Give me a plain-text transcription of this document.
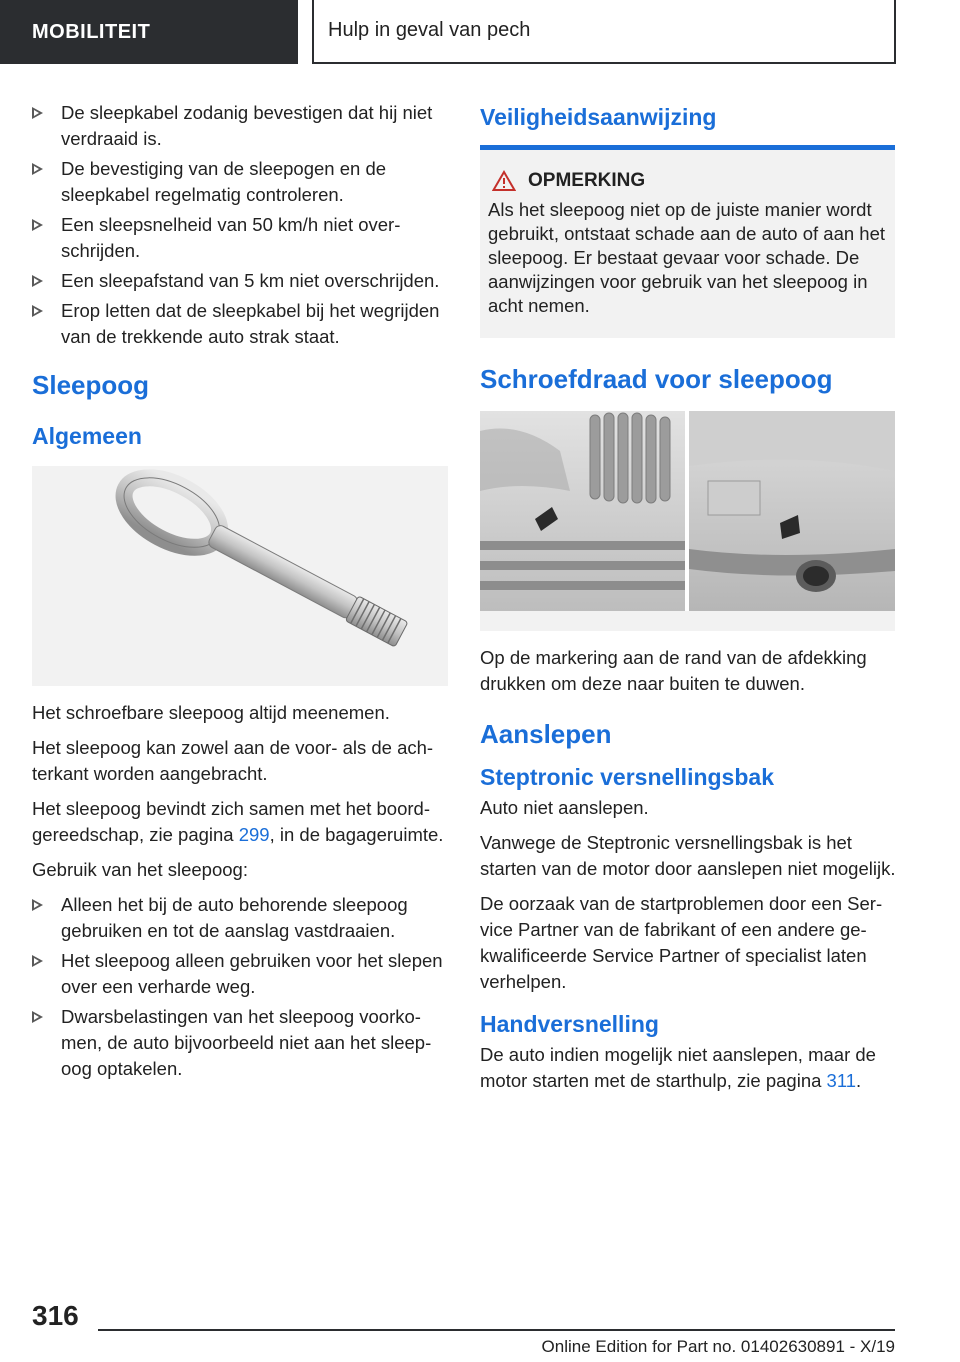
MOBILITEIT	Hulp in geval van pech
De sleepkabel zodanig bevestigen dat hij niet verdraaid is.
De bevestiging van de sleepogen en de sleepkabel regelmatig controleren.
Een sleepsnelheid van 50 km/h niet overschrijden.
Een sleepafstand van 5 km niet overschrijden.
Erop letten dat de sleepkabel bij het wegrijden van de trekkende auto strak staat.
Sleepoog
Algemeen
Het schroefbare sleepoog altijd meenemen.
Het sleepoog kan zowel aan de voor- als de achterkant worden aangebracht.
Het sleepoog bevindt zich samen met het boordgereedschap, zie pagina 299, in de bagageruimte.
Gebruik van het sleepoog:
Alleen het bij de auto behorende sleepoog gebruiken en tot de aanslag vastdraaien.
Het sleepoog alleen gebruiken voor het slepen over een verharde weg.
Dwarsbelastingen van het sleepoog voorkomen, de auto bijvoorbeeld niet aan het sleepoog optakelen.
Veiligheidsaanwijzing
OPMERKING
Als het sleepoog niet op de juiste manier wordt gebruikt, ontstaat schade aan de auto of aan het sleepoog. Er bestaat gevaar voor schade. De aanwijzingen voor gebruik van het sleepoog in acht nemen.
Schroefdraad voor sleepoog
Op de markering aan de rand van de afdekking drukken om deze naar buiten te duwen.
Aanslepen
Steptronic versnellingsbak
Auto niet aanslepen.
Vanwege de Steptronic versnellingsbak is het starten van de motor door aanslepen niet mogelijk.
De oorzaak van de startproblemen door een Service Partner van de fabrikant of een andere gekwalificeerde Service Partner of specialist laten verhelpen.
Handversnelling
De auto indien mogelijk niet aanslepen, maar de motor starten met de starthulp, zie pagina 311.
316
Online Edition for Part no. 01402630891 - X/19
